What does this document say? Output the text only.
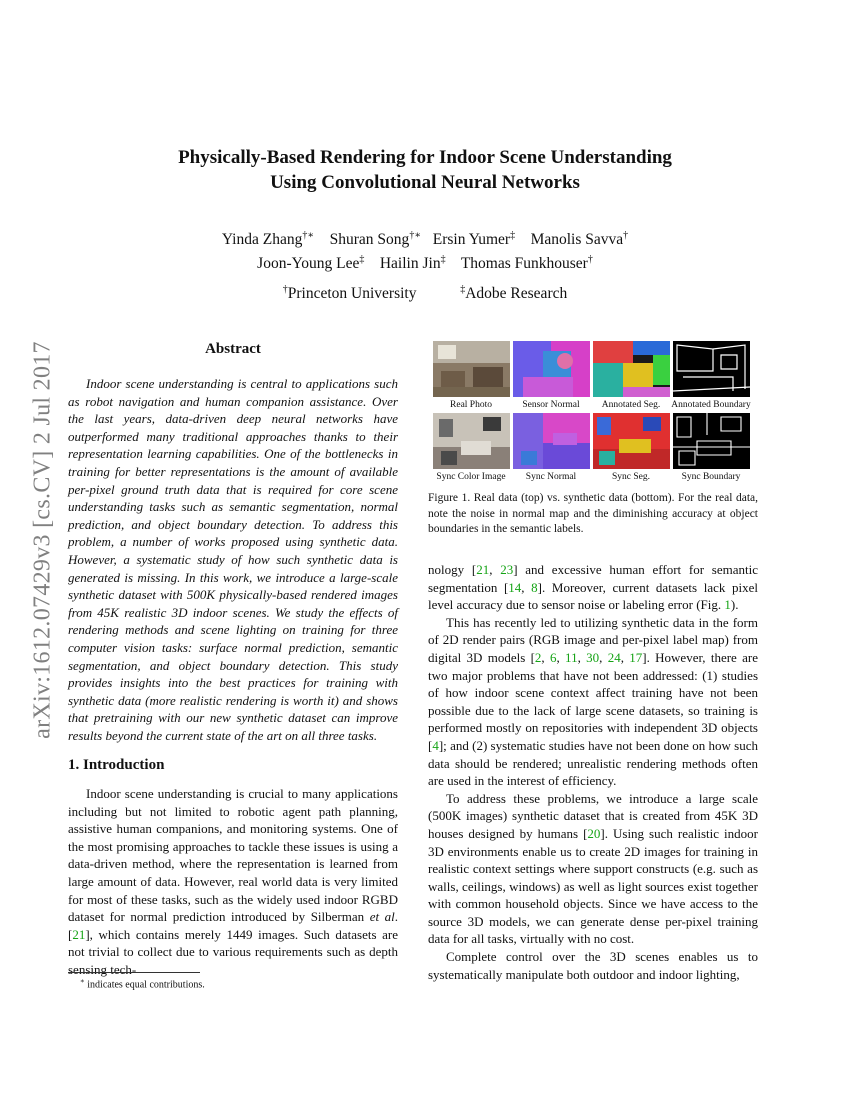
arXiv:1612.07429v3 [cs.CV] 2 Jul 2017
Physically-Based Rendering for Indoor Scene Understanding
Using Convolutional Neural Networks
Yinda Zhang†∗ Shuran Song†∗ Ersin Yumer‡ Manolis Savva†
Joon-Young Lee‡ Hailin Jin‡ Thomas Funkhouser†
†Princeton University	‡Adobe Research
Abstract

Indoor scene understanding is central to applications such as robot navigation and human companion assistance. Over the last years, data-driven deep neural networks have outperformed many traditional approaches thanks to their representation learning capabilities. One of the bottlenecks in training for better representations is the amount of available per-pixel ground truth data that is required for core scene understanding tasks such as semantic segmentation, normal prediction, and object boundary detection. To address this problem, a number of works proposed using synthetic data. However, a systematic study of how such synthetic data is generated is missing. In this work, we introduce a large-scale synthetic dataset with 500K physically-based rendered images from 45K realistic 3D indoor scenes. We study the effects of rendering methods and scene lighting on training for three computer vision tasks: surface normal prediction, semantic segmentation, and object boundary detection. This study provides insights into the best practices for training with synthetic data (more realistic rendering is worth it) and shows that pretraining with our new synthetic dataset can improve results beyond the current state of the art on all three tasks.

1. Introduction

Indoor scene understanding is crucial to many applications including but not limited to robotic agent path planning, assistive human companions, and monitoring systems. One of the most promising approaches to tackle these issues is using a data-driven method, where the representation is learned from large amount of data. However, real world data is very limited for most of these tasks, such as the widely used indoor RGBD dataset for normal prediction introduced by Silberman et al. [21], which contains merely 1449 images. Such datasets are not trivial to collect due to various requirements such as depth sensing tech-

∗ indicates equal contributions.
Real Photo	Sensor Normal	Annotated Seg.	Annotated Boundary
Sync Color Image	Sync Normal	Sync Seg.	Sync Boundary
Figure 1. Real data (top) vs. synthetic data (bottom). For the real data, note the noise in normal map and the diminishing accuracy at object boundaries in the semantic labels.

nology [21, 23] and excessive human effort for semantic segmentation [14, 8]. Moreover, current datasets lack pixel level accuracy due to sensor noise or labeling error (Fig. 1).

This has recently led to utilizing synthetic data in the form of 2D render pairs (RGB image and per-pixel label map) from digital 3D models [2, 6, 11, 30, 24, 17]. However, there are two major problems that have not been addressed: (1) studies of how indoor scene context affect training have not been possible due to the lack of large scene datasets, so training is performed mostly on repositories with independent 3D objects [4]; and (2) systematic studies have not been done on how such data should be rendered; unrealistic rendering methods often are used in the interest of efficiency.

To address these problems, we introduce a large scale (500K images) synthetic dataset that is created from 45K 3D houses designed by humans [20]. Using such realistic indoor 3D environments enable us to create 2D images for training in realistic context settings where support constructs (e.g. such as walls, ceilings, windows) as well as light sources exist together with common household objects. Since we have access to the source 3D models, we can generate dense per-pixel training data for all tasks, virtually with no cost.

Complete control over the 3D scenes enables us to systematically manipulate both outdoor and indoor lighting,
